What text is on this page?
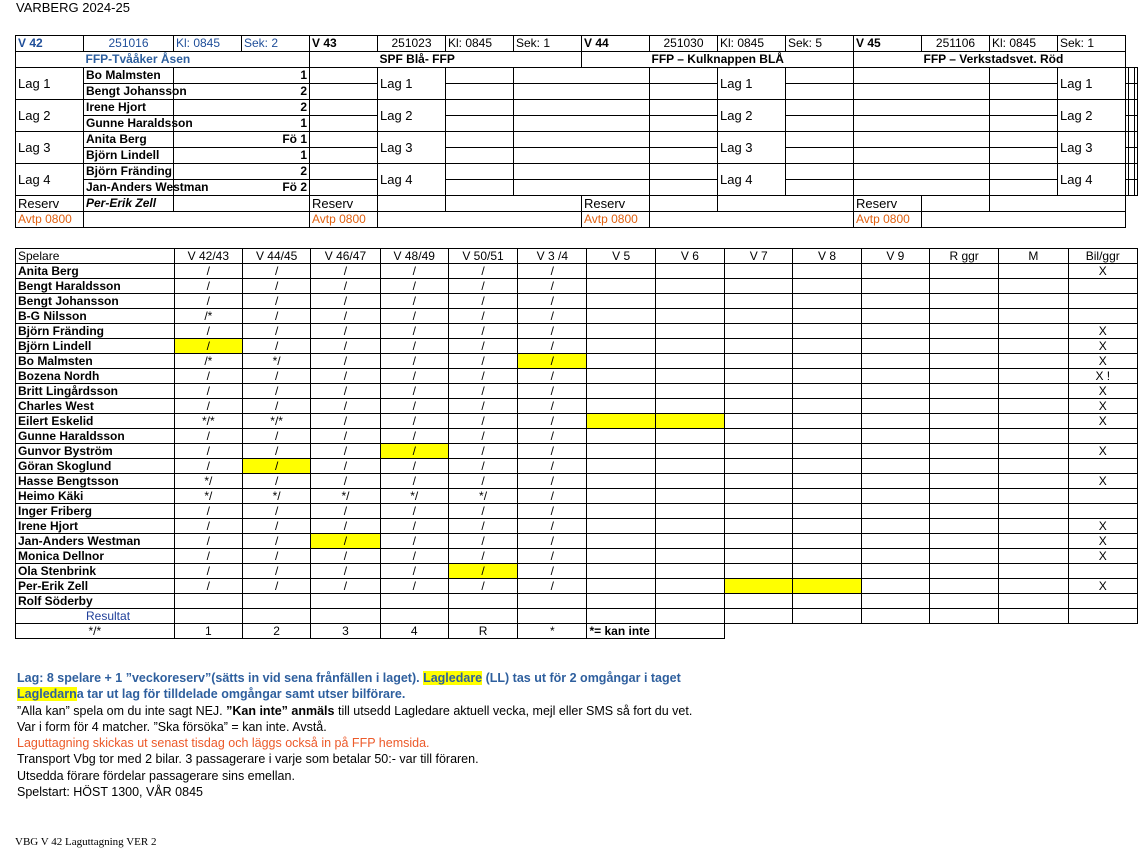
VARBERG 2024-25
V 42	251016	Kl: 0845	Sek: 2	V 43	251023	Kl: 0845	Sek: 1	V 44	251030	Kl: 0845	Sek: 5	V 45	251106	Kl: 0845	Sek: 1			
	FFP-Tvååker Åsen				SPF Blå- FFP				FFP – Kulknappen BLÅ				FFP – Verkstadsvet. Röd					
Lag 1	Bo Malmsten	1			Lag 1					Lag 1					Lag 1			
	Bengt Johansson	2																
Lag 2	Irene Hjort	2			Lag 2					Lag 2					Lag 2			
	Gunne Haraldsson	1																
Lag 3	Anita Berg	Fö 1			Lag 3					Lag 3					Lag 3			
	Björn Lindell	1																
Lag 4	Björn Fränding	2			Lag 4					Lag 4					Lag 4			
	Jan-Anders Westman	Fö 2																
Reserv	Per-Erik Zell			Reserv				Reserv				Reserv						
Avtp 0800				Avtp 0800				Avtp 0800				Avtp 0800						
Spelare	V 42/43	V 44/45	V 46/47	V 48/49	V 50/51	V 3 /4	V 5	V 6	V 7	V 8	V 9	R ggr	M	Bil/ggr
Anita Berg	/	/	/	/	/	/								X
Bengt Haraldsson	/	/	/	/	/	/								
Bengt Johansson	/	/	/	/	/	/								
B-G Nilsson	/*	/	/	/	/	/								
Björn Fränding	/	/	/	/	/	/								X
Björn Lindell	/	/	/	/	/	/								X
Bo Malmsten	/*	*/	/	/	/	/								X
Bozena Nordh	/	/	/	/	/	/								X !
Britt Lingårdsson	/	/	/	/	/	/								X
Charles West	/	/	/	/	/	/								X
Eilert Eskelid	*/*	*/*	/	/	/	/								X
Gunne Haraldsson	/	/	/	/	/	/								
Gunvor Byström	/	/	/	/	/	/								X
Göran Skoglund	/	/	/	/	/	/								
Hasse Bengtsson	*/	/	/	/	/	/								X
Heimo Käki	*/	*/	*/	*/	*/	/								
Inger Friberg	/	/	/	/	/	/								
Irene Hjort	/	/	/	/	/	/								X
Jan-Anders Westman	/	/	/	/	/	/								X
Monica Dellnor	/	/	/	/	/	/								X
Ola Stenbrink	/	/	/	/	/	/								
Per-Erik Zell	/	/	/	/	/	/								X
Rolf Söderby														
Resultat														
*/*	1	2	3	4	R	*	*= kan inte							
Lag: 8 spelare + 1 ”veckoreserv”(sätts in vid sena frånfällen i laget). Lagledare (LL) tas ut för 2 omgångar i taget
Lagledarna tar ut lag för tilldelade omgångar samt utser bilförare.
”Alla kan” spela om du inte sagt NEJ. ”Kan inte” anmäls till utsedd Lagledare aktuell vecka, mejl eller SMS så fort du vet.
Var i form för 4 matcher. ”Ska försöka” = kan inte. Avstå.
Laguttagning skickas ut senast tisdag och läggs också in på FFP hemsida.
Transport Vbg tor med 2 bilar. 3 passagerare i varje som betalar 50:- var till föraren.
Utsedda förare fördelar passagerare sins emellan.
Spelstart: HÖST 1300, VÅR 0845
VBG V 42 Laguttagning VER 2
